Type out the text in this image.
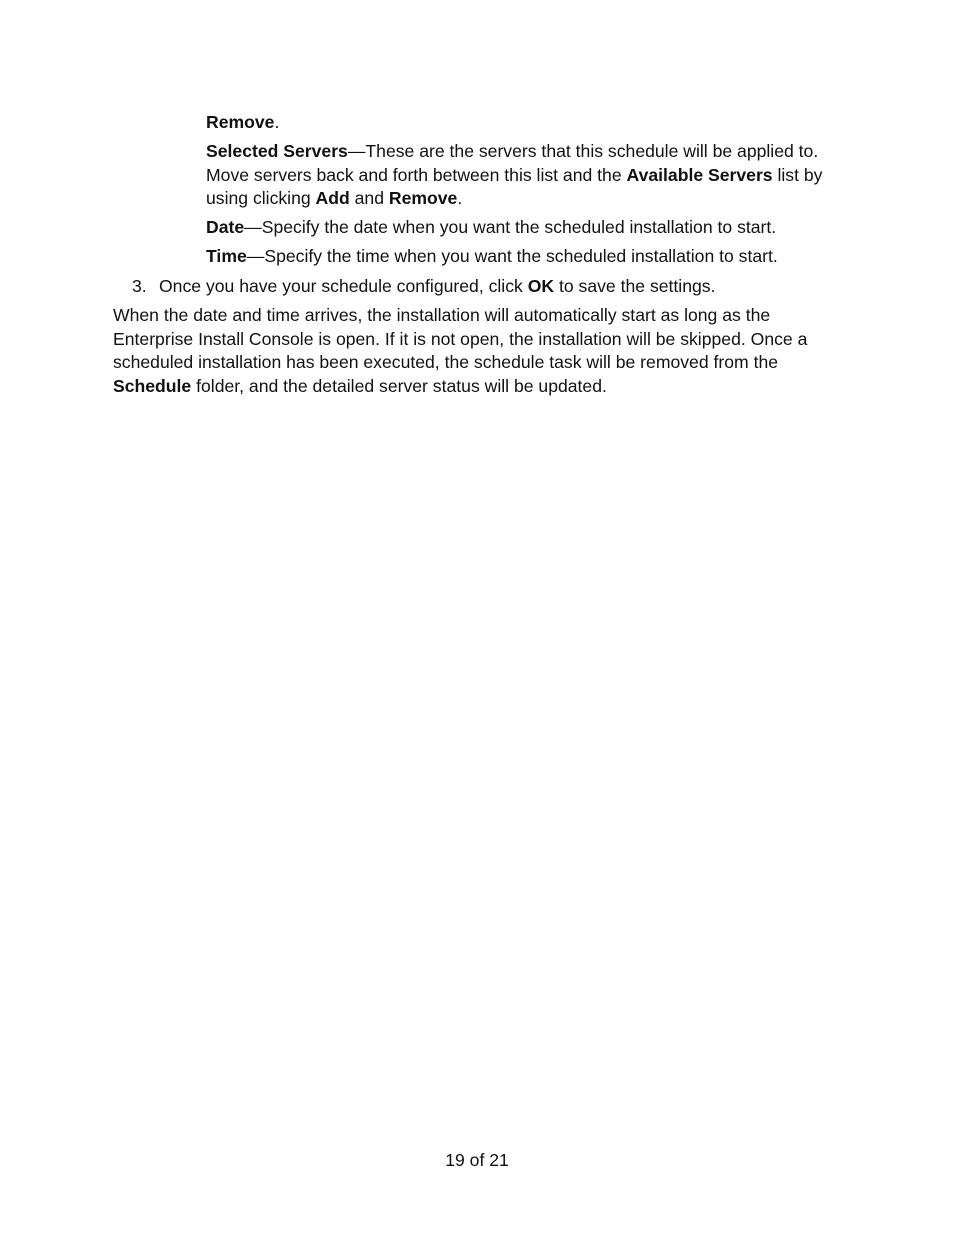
Remove.

Selected Servers—These are the servers that this schedule will be applied to. Move servers back and forth between this list and the Available Servers list by using clicking Add and Remove.

Date—Specify the date when you want the scheduled installation to start.

Time—Specify the time when you want the scheduled installation to start.

3. Once you have your schedule configured, click OK to save the settings.

When the date and time arrives, the installation will automatically start as long as the Enterprise Install Console is open. If it is not open, the installation will be skipped. Once a scheduled installation has been executed, the schedule task will be removed from the Schedule folder, and the detailed server status will be updated.

19 of 21
